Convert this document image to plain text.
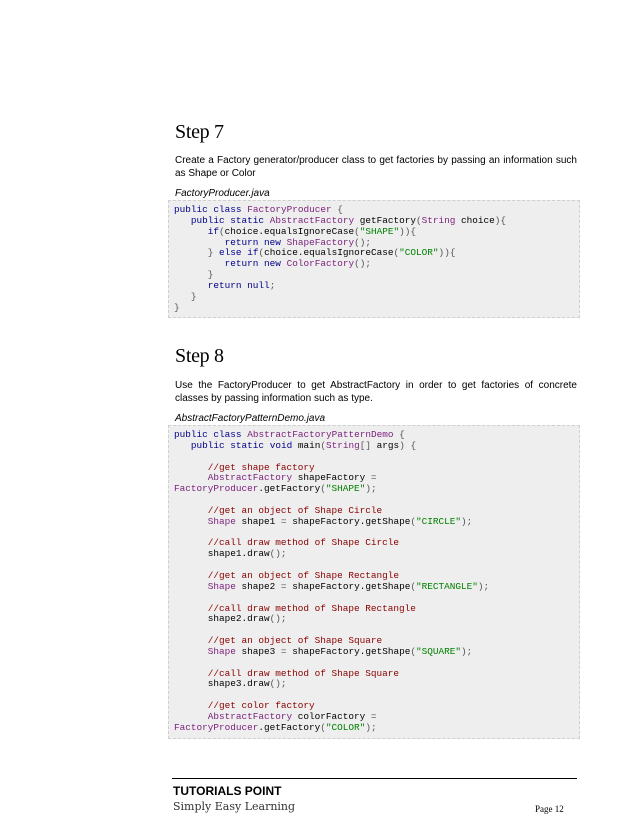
Step 7

Create a Factory generator/producer class to get factories by passing an information such as Shape or Color

FactoryProducer.java

public class FactoryProducer {
public static AbstractFactory getFactory(String choice){
if(choice.equalsIgnoreCase("SHAPE")){
return new ShapeFactory();
} else if(choice.equalsIgnoreCase("COLOR")){
return new ColorFactory();
}
return null;
}
}
Step 8

Use the FactoryProducer to get AbstractFactory in order to get factories of concrete classes by passing information such as type.

AbstractFactoryPatternDemo.java

public class AbstractFactoryPatternDemo {
public static void main(String[] args) {
//get shape factory
AbstractFactory shapeFactory =
FactoryProducer.getFactory("SHAPE");
//get an object of Shape Circle
Shape shape1 = shapeFactory.getShape("CIRCLE");
//call draw method of Shape Circle
shape1.draw();
//get an object of Shape Rectangle
Shape shape2 = shapeFactory.getShape("RECTANGLE");
//call draw method of Shape Rectangle
shape2.draw();
//get an object of Shape Square
Shape shape3 = shapeFactory.getShape("SQUARE");
//call draw method of Shape Square
shape3.draw();
//get color factory
AbstractFactory colorFactory =
FactoryProducer.getFactory("COLOR");
TUTORIALS POINT
Simply Easy Learning	Page 12
